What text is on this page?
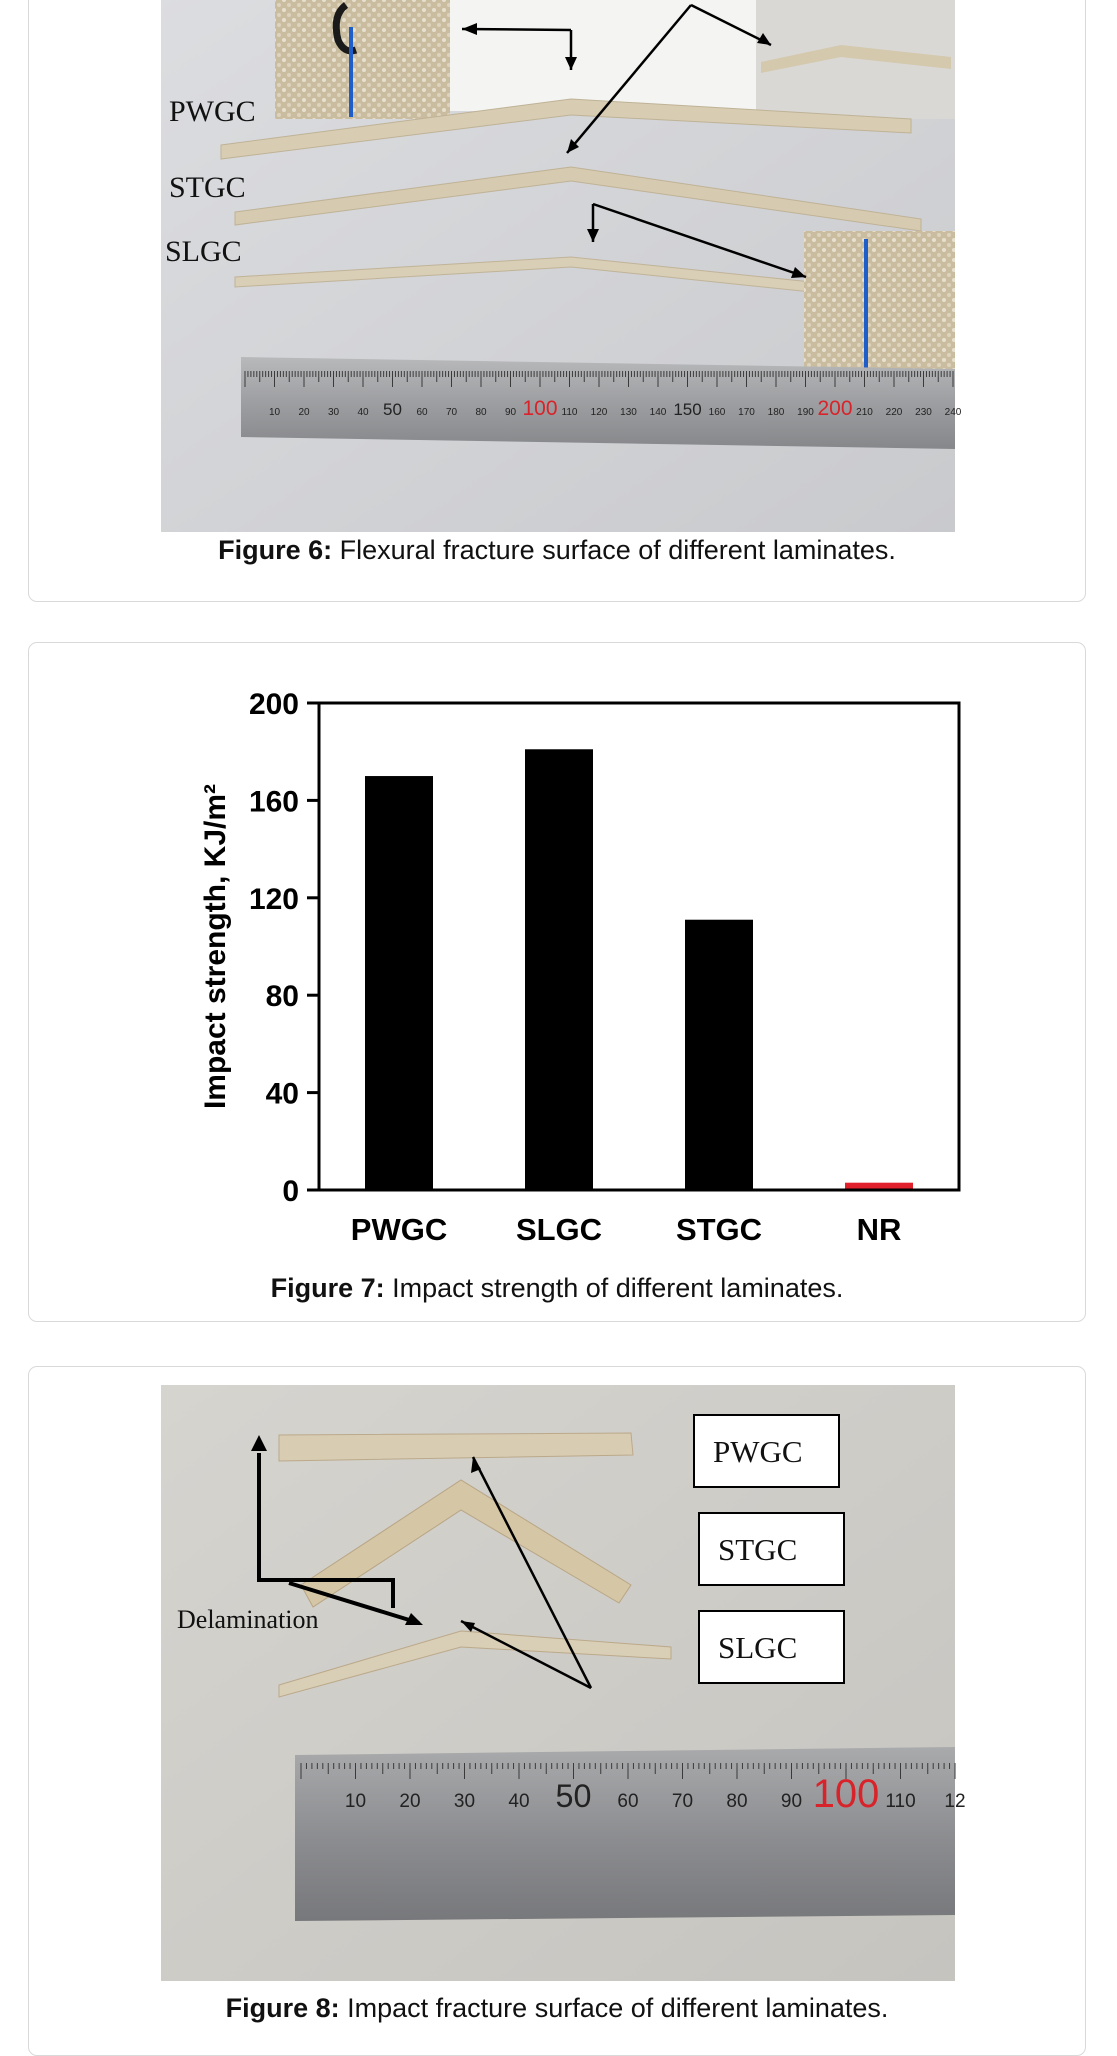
10 20 30 40 50 60 70 80 90 100 110 120 130 140 150 160 170 180 190 200 210 220 230 240
PWGC
STGC
SLGC
Figure 6: Flexural fracture surface of different laminates.
0
40
80
120
160
200
PWGC SLGC STGC	NR
Impact strength, KJ/m²
Figure 7: Impact strength of different laminates.
10 20 30 40 50 60 70 80 90 100 110 12
PWGC
STGC
SLGC
Delamination
Figure 8: Impact fracture surface of different laminates.
